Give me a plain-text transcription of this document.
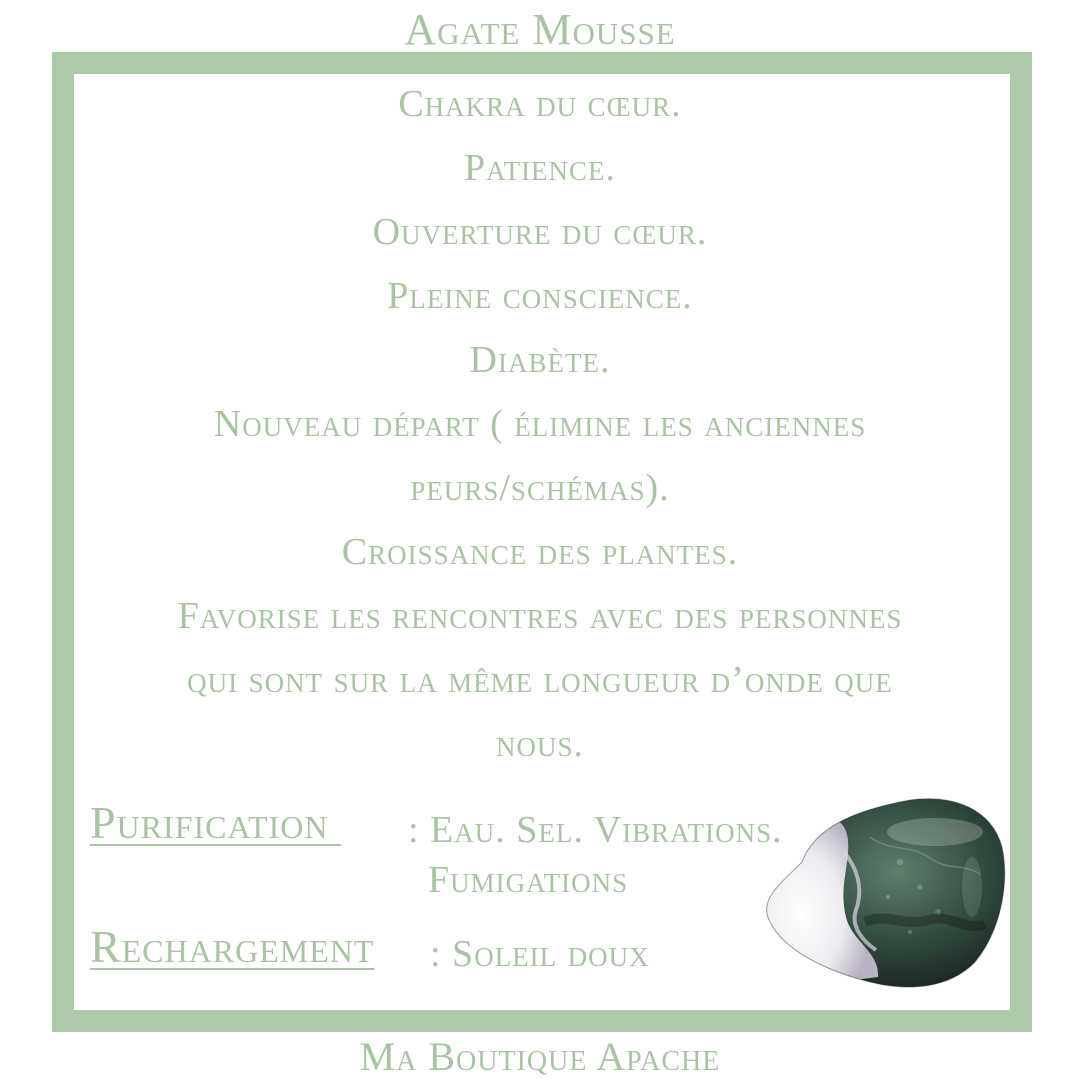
Agate Mousse
Chakra du cœur.
Patience.
Ouverture du cœur.
Pleine conscience.
Diabète.
Nouveau départ ( élimine les anciennes
peurs/schémas).
Croissance des plantes.
Favorise les rencontres avec des personnes
qui sont sur la même longueur d’onde que
nous.
Purification : Eau. Sel. Vibrations.
Fumigations
Rechargement : Soleil doux
Ma Boutique Apache
